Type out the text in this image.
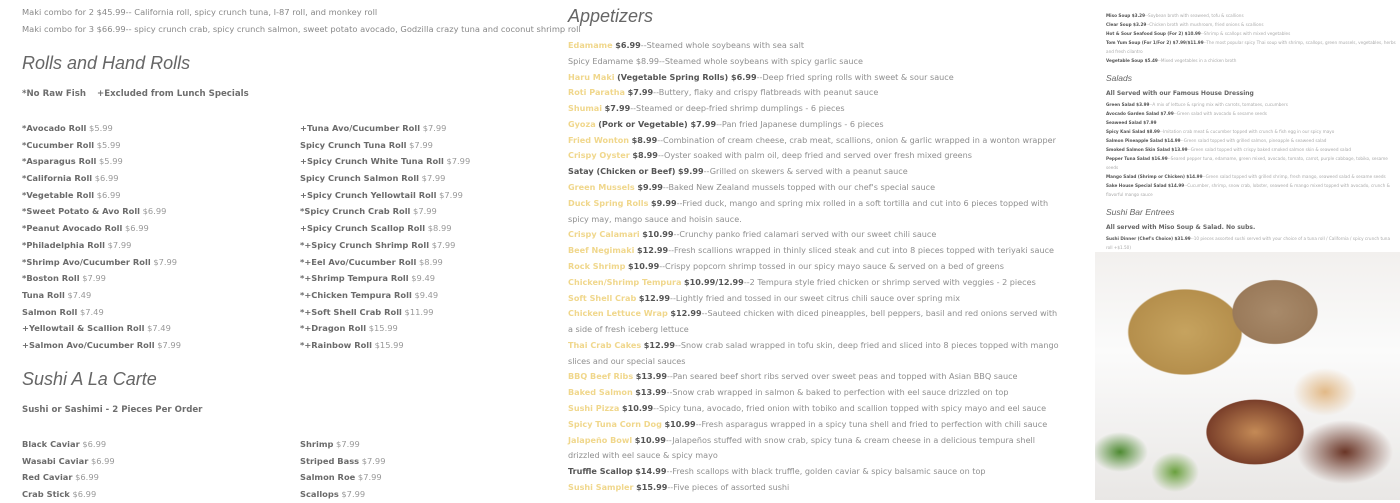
Maki combo for 2 $45.99-- California roll, spicy crunch tuna, I-87 roll, and monkey roll
Maki combo for 3 $66.99-- spicy crunch crab, spicy crunch salmon, sweet potato avocado, Godzilla crazy tuna and coconut shrimp roll
Rolls and Hand Rolls
*No Raw Fish +Excluded from Lunch Specials
*Avocado Roll $5.99
*Cucumber Roll $5.99
*Asparagus Roll $5.99
*California Roll $6.99
*Vegetable Roll $6.99
*Sweet Potato & Avo Roll $6.99
*Peanut Avocado Roll $6.99
*Philadelphia Roll $7.99
*Shrimp Avo/Cucumber Roll $7.99
*Boston Roll $7.99
Tuna Roll $7.49
Salmon Roll $7.49
+Yellowtail & Scallion Roll $7.49
+Salmon Avo/Cucumber Roll $7.99
+Tuna Avo/Cucumber Roll $7.99
Spicy Crunch Tuna Roll $7.99
+Spicy Crunch White Tuna Roll $7.99
Spicy Crunch Salmon Roll $7.99
+Spicy Crunch Yellowtail Roll $7.99
*Spicy Crunch Crab Roll $7.99
+Spicy Crunch Scallop Roll $8.99
*+Spicy Crunch Shrimp Roll $7.99
*+Eel Avo/Cucumber Roll $8.99
*+Shrimp Tempura Roll $9.49
*+Chicken Tempura Roll $9.49
*+Soft Shell Crab Roll $11.99
*+Dragon Roll $15.99
*+Rainbow Roll $15.99
Sushi A La Carte
Sushi or Sashimi - 2 Pieces Per Order
Black Caviar $6.99
Wasabi Caviar $6.99
Red Caviar $6.99
Crab Stick $6.99
Shrimp $7.99
Striped Bass $7.99
Salmon Roe $7.99
Scallops $7.99
Appetizers
Edamame $6.99--Steamed whole soybeans with sea salt
Spicy Edamame $8.99--Steamed whole soybeans with spicy garlic sauce
Haru Maki (Vegetable Spring Rolls) $6.99--Deep fried spring rolls with sweet & sour sauce
Roti Paratha $7.99--Buttery, flaky and crispy flatbreads with peanut sauce
Shumai $7.99--Steamed or deep-fried shrimp dumplings - 6 pieces
Gyoza (Pork or Vegetable) $7.99--Pan fried Japanese dumplings - 6 pieces
Fried Wonton $8.99--Combination of cream cheese, crab meat, scallions, onion & garlic wrapped in a wonton wrapper
Crispy Oyster $8.99--Oyster soaked with palm oil, deep fried and served over fresh mixed greens
Satay (Chicken or Beef) $9.99--Grilled on skewers & served with a peanut sauce
Green Mussels $9.99--Baked New Zealand mussels topped with our chef's special sauce
Duck Spring Rolls $9.99--Fried duck, mango and spring mix rolled in a soft tortilla and cut into 6 pieces topped with spicy may, mango sauce and hoisin sauce.
Crispy Calamari $10.99--Crunchy panko fried calamari served with our sweet chili sauce
Beef Negimaki $12.99--Fresh scallions wrapped in thinly sliced steak and cut into 8 pieces topped with teriyaki sauce
Rock Shrimp $10.99--Crispy popcorn shrimp tossed in our spicy mayo sauce & served on a bed of greens
Chicken/Shrimp Tempura $10.99/12.99--2 Tempura style fried chicken or shrimp served with veggies - 2 pieces
Soft Shell Crab $12.99--Lightly fried and tossed in our sweet citrus chili sauce over spring mix
Chicken Lettuce Wrap $12.99--Sauteed chicken with diced pineapples, bell peppers, basil and red onions served with a side of fresh iceberg lettuce
Thai Crab Cakes $12.99--Snow crab salad wrapped in tofu skin, deep fried and sliced into 8 pieces topped with mango slices and our special sauces
BBQ Beef Ribs $13.99--Pan seared beef short ribs served over sweet peas and topped with Asian BBQ sauce
Baked Salmon $13.99--Snow crab wrapped in salmon & baked to perfection with eel sauce drizzled on top
Sushi Pizza $10.99--Spicy tuna, avocado, fried onion with tobiko and scallion topped with spicy mayo and eel sauce
Spicy Tuna Corn Dog $10.99--Fresh asparagus wrapped in a spicy tuna shell and fried to perfection with chili sauce
Jalapeño Bowl $10.99--Jalapeños stuffed with snow crab, spicy tuna & cream cheese in a delicious tempura shell drizzled with eel sauce & spicy mayo
Truffle Scallop $14.99--Fresh scallops with black truffle, golden caviar & spicy balsamic sauce on top
Sushi Sampler $15.99--Five pieces of assorted sushi
Miso Soup $3.29--Soybean broth with seaweed, tofu & scallions
Clear Soup $3.29--Chicken broth with mushroom, fried onions & scallions
Hot & Sour Seafood Soup (For 2) $10.99--Shrimp & scallops with mixed vegetables
Tom Yum Soup (For 1/For 2) $7.99/$11.99--The most popular spicy Thai soup with shrimp, scallops, green mussels, vegetables, herbs and fresh cilantro
Vegetable Soup $5.49--Mixed vegetables in a chicken broth
Salads
All Served with our Famous House Dressing
Green Salad $3.99--A mix of lettuce & spring mix with carrots, tomatoes, cucumbers
Avocado Garden Salad $7.99--Green salad with avocado & sesame seeds
Seaweed Salad $7.99
Spicy Kani Salad $8.99--Imitation crab meat & cucumber topped with crunch & fish egg in our spicy mayo
Salmon Pineapple Salad $14.99--Green salad topped with grilled salmon, pineapple & seaweed salad
Smoked Salmon Skin Salad $13.99--Green salad topped with crispy baked smoked salmon skin & seaweed salad
Pepper Tuna Salad $16.99--Seared pepper tuna, edamame, green mixed, avocado, tomato, carrot, purple cabbage, tobiko, sesame seeds
Mango Salad (Shrimp or Chicken) $14.99--Green salad topped with grilled shrimp, fresh mango, seaweed salad & sesame seeds
Sake House Special Salad $14.99--Cucumber, shrimp, snow crab, lobster, seaweed & mango mixed topped with avocado, crunch & flavorful mango sauce
Sushi Bar Entrees
All served with Miso Soup & Salad. No subs.
Sushi Dinner (Chef's Choice) $31.99--10 pieces assorted sushi served with your choice of a tuna roll / California / spicy crunch tuna roll +$1.50)
